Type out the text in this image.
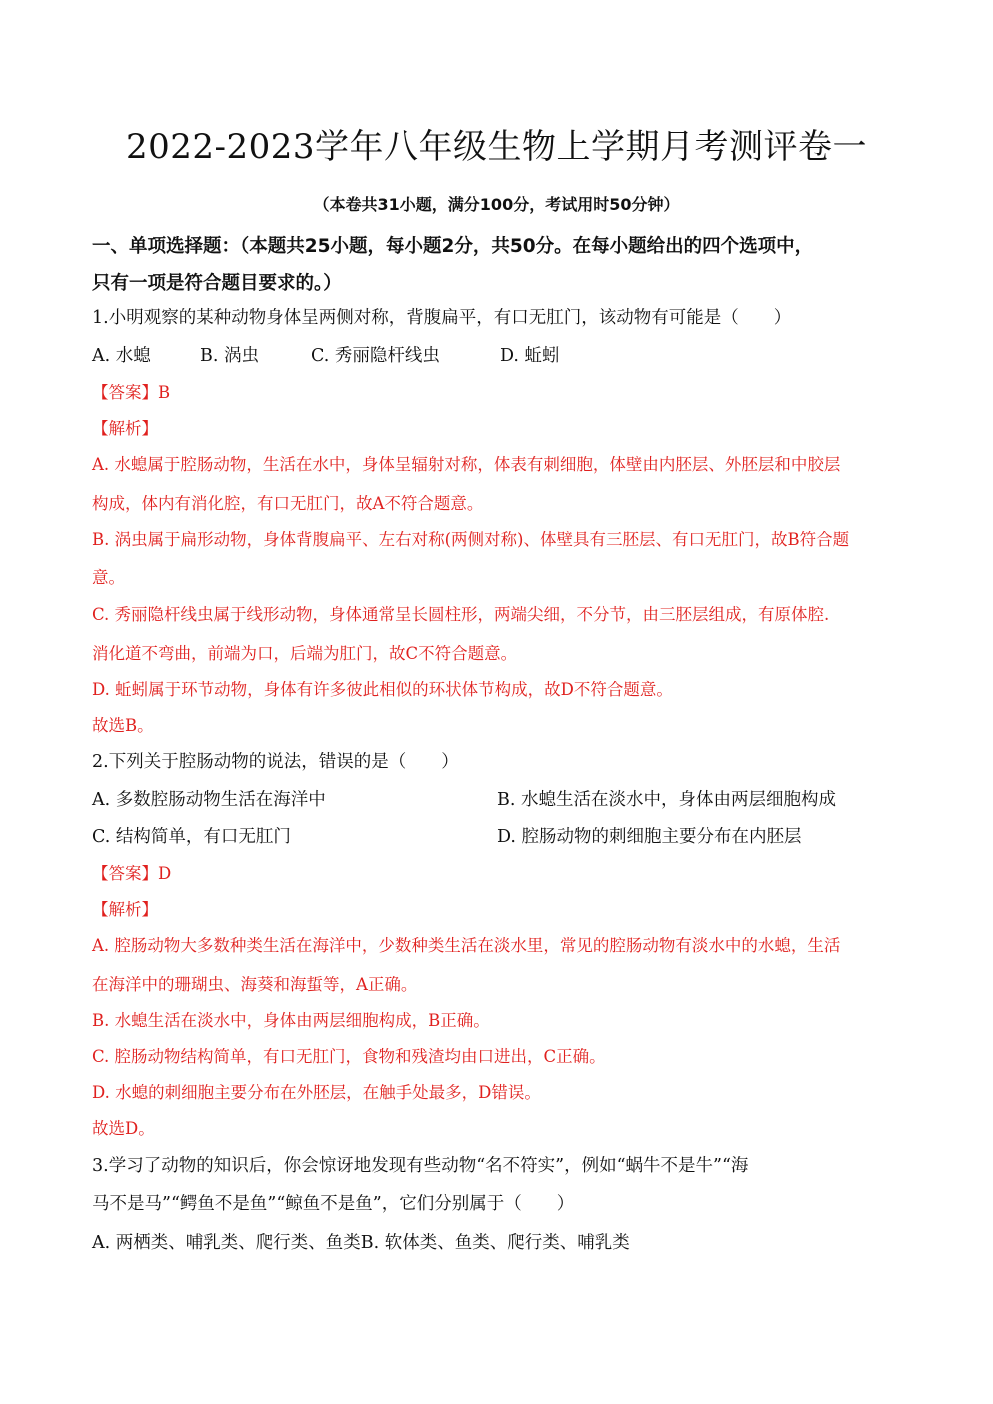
2022-2023学年八年级生物上学期月考测评卷一
（本卷共31小题，满分100分，考试用时50分钟）
一、单项选择题：（本题共25小题，每小题2分，共50分。在每小题给出的四个选项中，
只有一项是符合题目要求的。）
1.小明观察的某种动物身体呈两侧对称，背腹扁平，有口无肛门，该动物有可能是（　　）
A. 水螅	B. 涡虫	C. 秀丽隐杆线虫	D. 蚯蚓
【答案】B
【解析】
A. 水螅属于腔肠动物，生活在水中，身体呈辐射对称，体表有刺细胞，体壁由内胚层、外胚层和中胶层
构成，体内有消化腔，有口无肛门，故A不符合题意。
B. 涡虫属于扁形动物，身体背腹扁平、左右对称(两侧对称)、体壁具有三胚层、有口无肛门，故B符合题
意。
C. 秀丽隐杆线虫属于线形动物，身体通常呈长圆柱形，两端尖细，不分节，由三胚层组成，有原体腔.
消化道不弯曲，前端为口，后端为肛门，故C不符合题意。
D. 蚯蚓属于环节动物，身体有许多彼此相似的环状体节构成，故D不符合题意。
故选B。
2.下列关于腔肠动物的说法，错误的是（　　）
A. 多数腔肠动物生活在海洋中	B. 水螅生活在淡水中，身体由两层细胞构成
C. 结构简单，有口无肛门	D. 腔肠动物的刺细胞主要分布在内胚层
【答案】D
【解析】
A. 腔肠动物大多数种类生活在海洋中，少数种类生活在淡水里，常见的腔肠动物有淡水中的水螅，生活
在海洋中的珊瑚虫、海葵和海蜇等，A正确。
B. 水螅生活在淡水中，身体由两层细胞构成，B正确。
C. 腔肠动物结构简单，有口无肛门，食物和残渣均由口进出，C正确。
D. 水螅的刺细胞主要分布在外胚层，在触手处最多，D错误。
故选D。
3.学习了动物的知识后，你会惊讶地发现有些动物“名不符实”，例如“蜗牛不是牛”“海
马不是马”“鳄鱼不是鱼”“鲸鱼不是鱼”，它们分别属于（　　）
A. 两栖类、哺乳类、爬行类、鱼类B. 软体类、鱼类、爬行类、哺乳类
